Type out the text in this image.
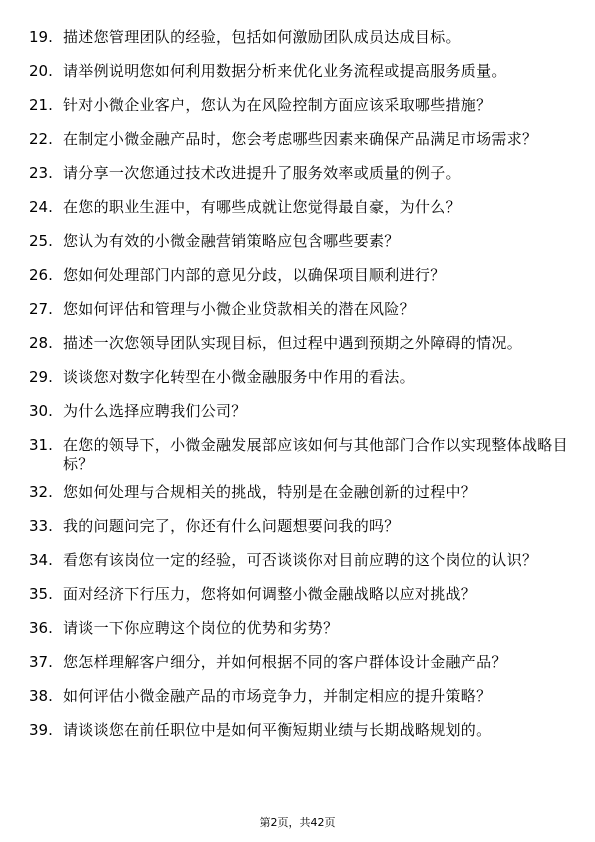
19. 描述您管理团队的经验，包括如何激励团队成员达成目标。
20. 请举例说明您如何利用数据分析来优化业务流程或提高服务质量。
21. 针对小微企业客户，您认为在风险控制方面应该采取哪些措施？
22. 在制定小微金融产品时，您会考虑哪些因素来确保产品满足市场需求？
23. 请分享一次您通过技术改进提升了服务效率或质量的例子。
24. 在您的职业生涯中，有哪些成就让您觉得最自豪，为什么？
25. 您认为有效的小微金融营销策略应包含哪些要素？
26. 您如何处理部门内部的意见分歧，以确保项目顺利进行？
27. 您如何评估和管理与小微企业贷款相关的潜在风险？
28. 描述一次您领导团队实现目标，但过程中遇到预期之外障碍的情况。
29. 谈谈您对数字化转型在小微金融服务中作用的看法。
30. 为什么选择应聘我们公司？
31. 在您的领导下，小微金融发展部应该如何与其他部门合作以实现整体战略目标？
32. 您如何处理与合规相关的挑战，特别是在金融创新的过程中？
33. 我的问题问完了，你还有什么问题想要问我的吗？
34. 看您有该岗位一定的经验，可否谈谈你对目前应聘的这个岗位的认识？
35. 面对经济下行压力，您将如何调整小微金融战略以应对挑战？
36. 请谈一下你应聘这个岗位的优势和劣势？
37. 您怎样理解客户细分，并如何根据不同的客户群体设计金融产品？
38. 如何评估小微金融产品的市场竞争力，并制定相应的提升策略？
39. 请谈谈您在前任职位中是如何平衡短期业绩与长期战略规划的。
第2页，共42页
